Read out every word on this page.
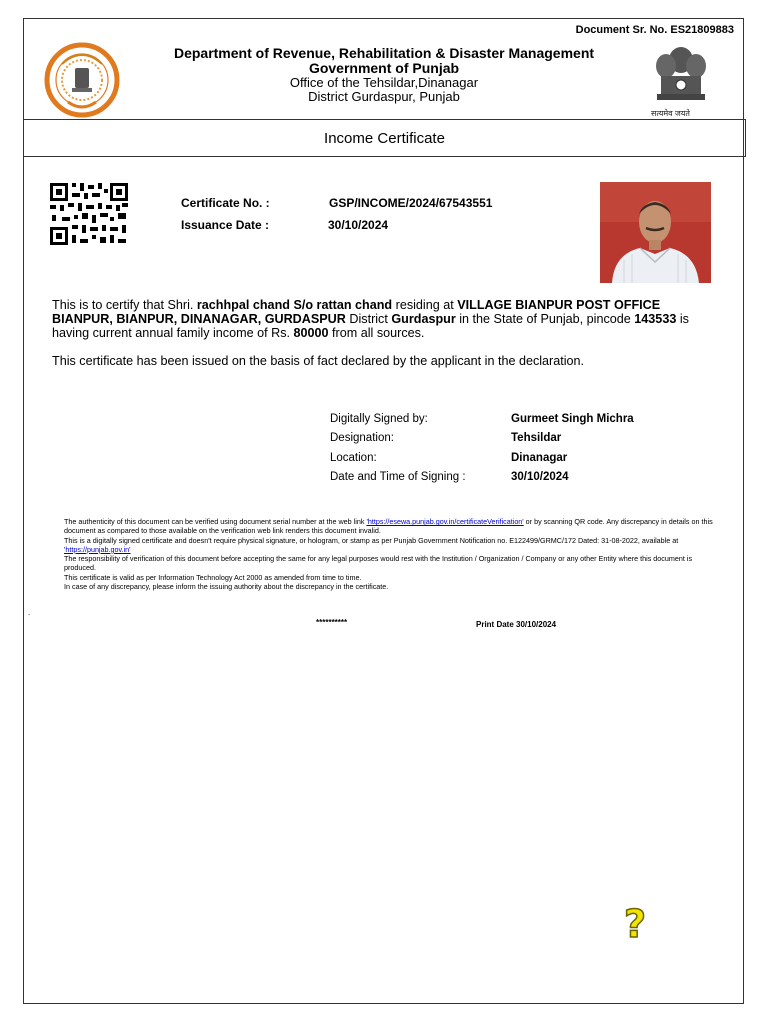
Document Sr. No. ES21809883
Department of Revenue, Rehabilitation & Disaster Management
Government of Punjab
Office of the Tehsildar,Dinanagar
District Gurdaspur, Punjab
सत्यमेव जयते
Income Certificate
Certificate No. :	GSP/INCOME/2024/67543551
Issuance Date :	30/10/2024
This is to certify that Shri. rachhpal chand S/o rattan chand residing at VILLAGE BIANPUR POST OFFICE BIANPUR, BIANPUR, DINANAGAR, GURDASPUR District Gurdaspur in the State of Punjab, pincode 143533 is having current annual family income of Rs. 80000 from all sources.
This certificate has been issued on the basis of fact declared by the applicant in the declaration.
Digitally Signed by:	Gurmeet Singh Michra
Designation:	Tehsildar
Location:	Dinanagar
Date and Time of Signing :	30/10/2024
The authenticity of this document can be verified using document serial number at the web link 'https://esewa.punjab.gov.in/certificateVerification' or by scanning QR code. Any discrepancy in details on this document as compared to those available on the verification web link renders this document invalid.
This is a digitally signed certificate and doesn't require physical signature, or hologram, or stamp as per Punjab Government Notification no. E122499/GRMC/172 Dated: 31-08-2022, available at 'https://punjab.gov.in'
The responsibility of verification of this document before accepting the same for any legal purposes would rest with the Institution / Organization / Company or any other Entity where this document is produced.
This certificate is valid as per Information Technology Act 2000 as amended from time to time.
In case of any discrepancy, please inform the issuing authority about the discrepancy in the certificate.
.
**********	Print Date 30/10/2024
?
